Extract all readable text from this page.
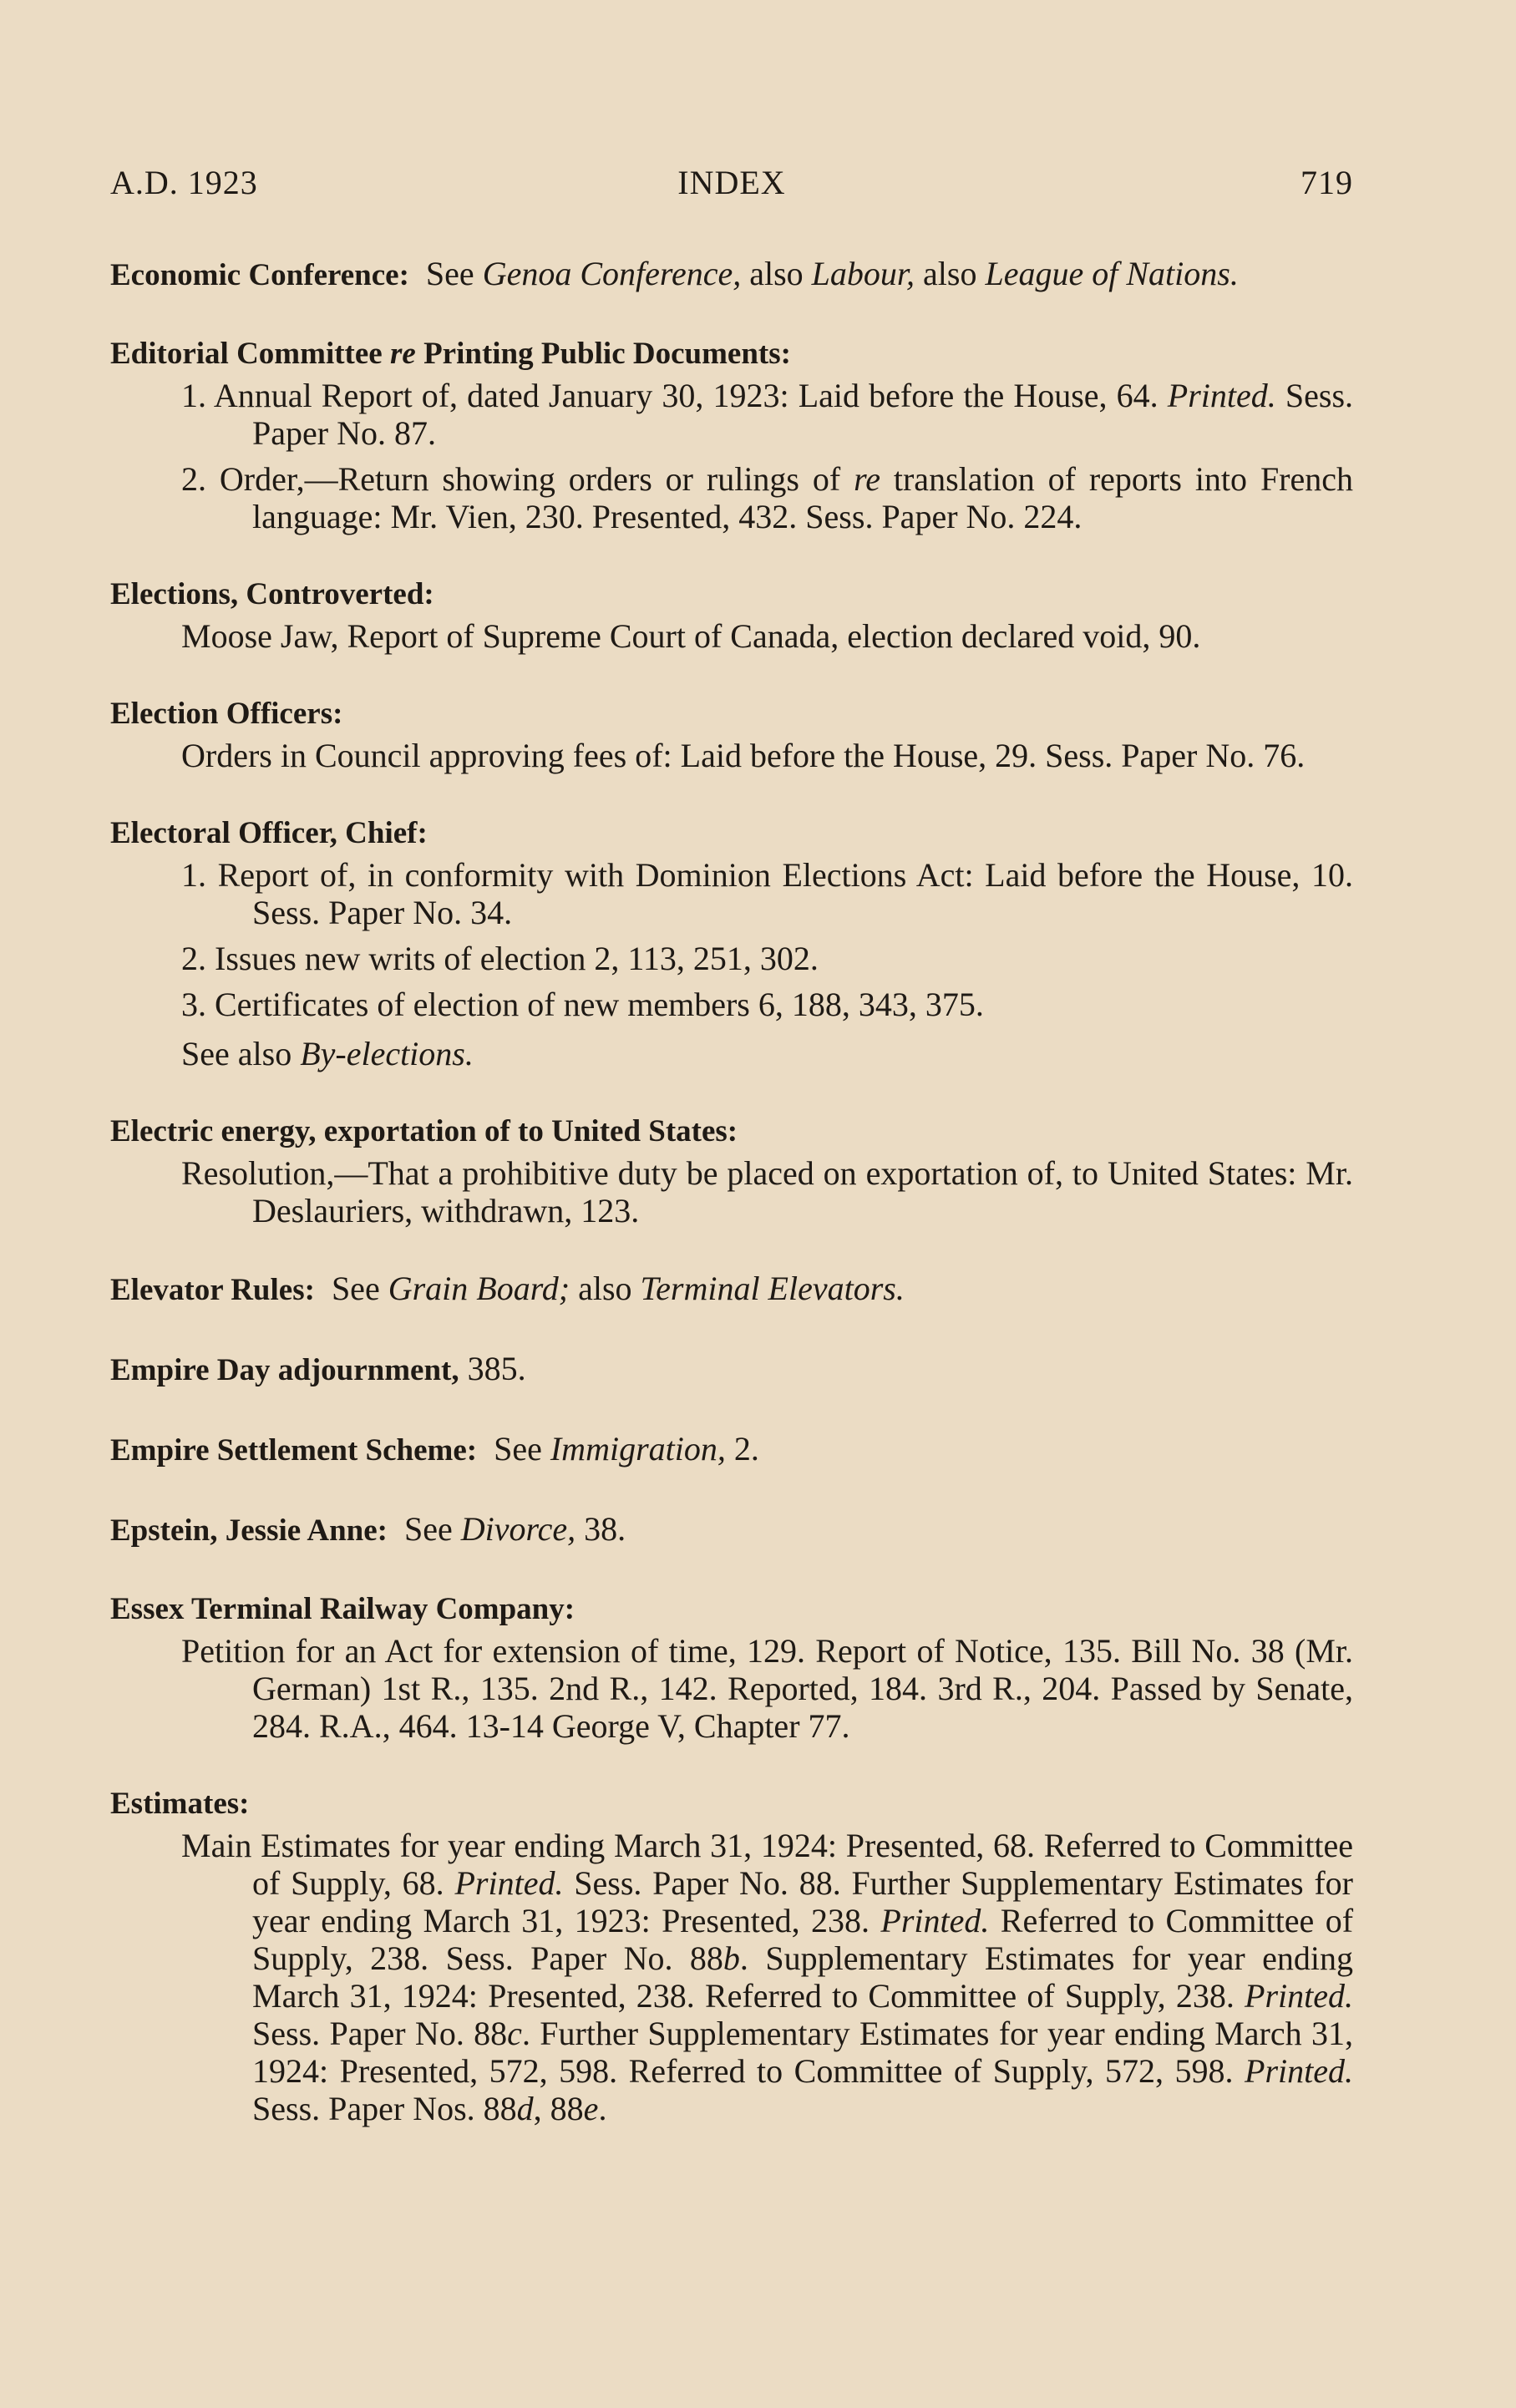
A.D. 1923	INDEX	719
Economic Conference: See Genoa Conference, also Labour, also League of Nations.
Editorial Committee re Printing Public Documents:
1. Annual Report of, dated January 30, 1923: Laid before the House, 64. Printed. Sess. Paper No. 87.
2. Order,—Return showing orders or rulings of re translation of reports into French language: Mr. Vien, 230. Presented, 432. Sess. Paper No. 224.
Elections, Controverted:
Moose Jaw, Report of Supreme Court of Canada, election declared void, 90.
Election Officers:
Orders in Council approving fees of: Laid before the House, 29. Sess. Paper No. 76.
Electoral Officer, Chief:
1. Report of, in conformity with Dominion Elections Act: Laid before the House, 10. Sess. Paper No. 34.
2. Issues new writs of election 2, 113, 251, 302.
3. Certificates of election of new members 6, 188, 343, 375.
See also By-elections.
Electric energy, exportation of to United States:
Resolution,—That a prohibitive duty be placed on exportation of, to United States: Mr. Deslauriers, withdrawn, 123.
Elevator Rules: See Grain Board; also Terminal Elevators.
Empire Day adjournment, 385.
Empire Settlement Scheme: See Immigration, 2.
Epstein, Jessie Anne: See Divorce, 38.
Essex Terminal Railway Company:
Petition for an Act for extension of time, 129. Report of Notice, 135. Bill No. 38 (Mr. German) 1st R., 135. 2nd R., 142. Reported, 184. 3rd R., 204. Passed by Senate, 284. R.A., 464. 13-14 George V, Chapter 77.
Estimates:
Main Estimates for year ending March 31, 1924: Presented, 68. Referred to Committee of Supply, 68. Printed. Sess. Paper No. 88. Further Supplementary Estimates for year ending March 31, 1923: Presented, 238. Printed. Referred to Committee of Supply, 238. Sess. Paper No. 88b. Supplementary Estimates for year ending March 31, 1924: Presented, 238. Referred to Committee of Supply, 238. Printed. Sess. Paper No. 88c. Further Supplementary Estimates for year ending March 31, 1924: Presented, 572, 598. Referred to Committee of Supply, 572, 598. Printed. Sess. Paper Nos. 88d, 88e.
